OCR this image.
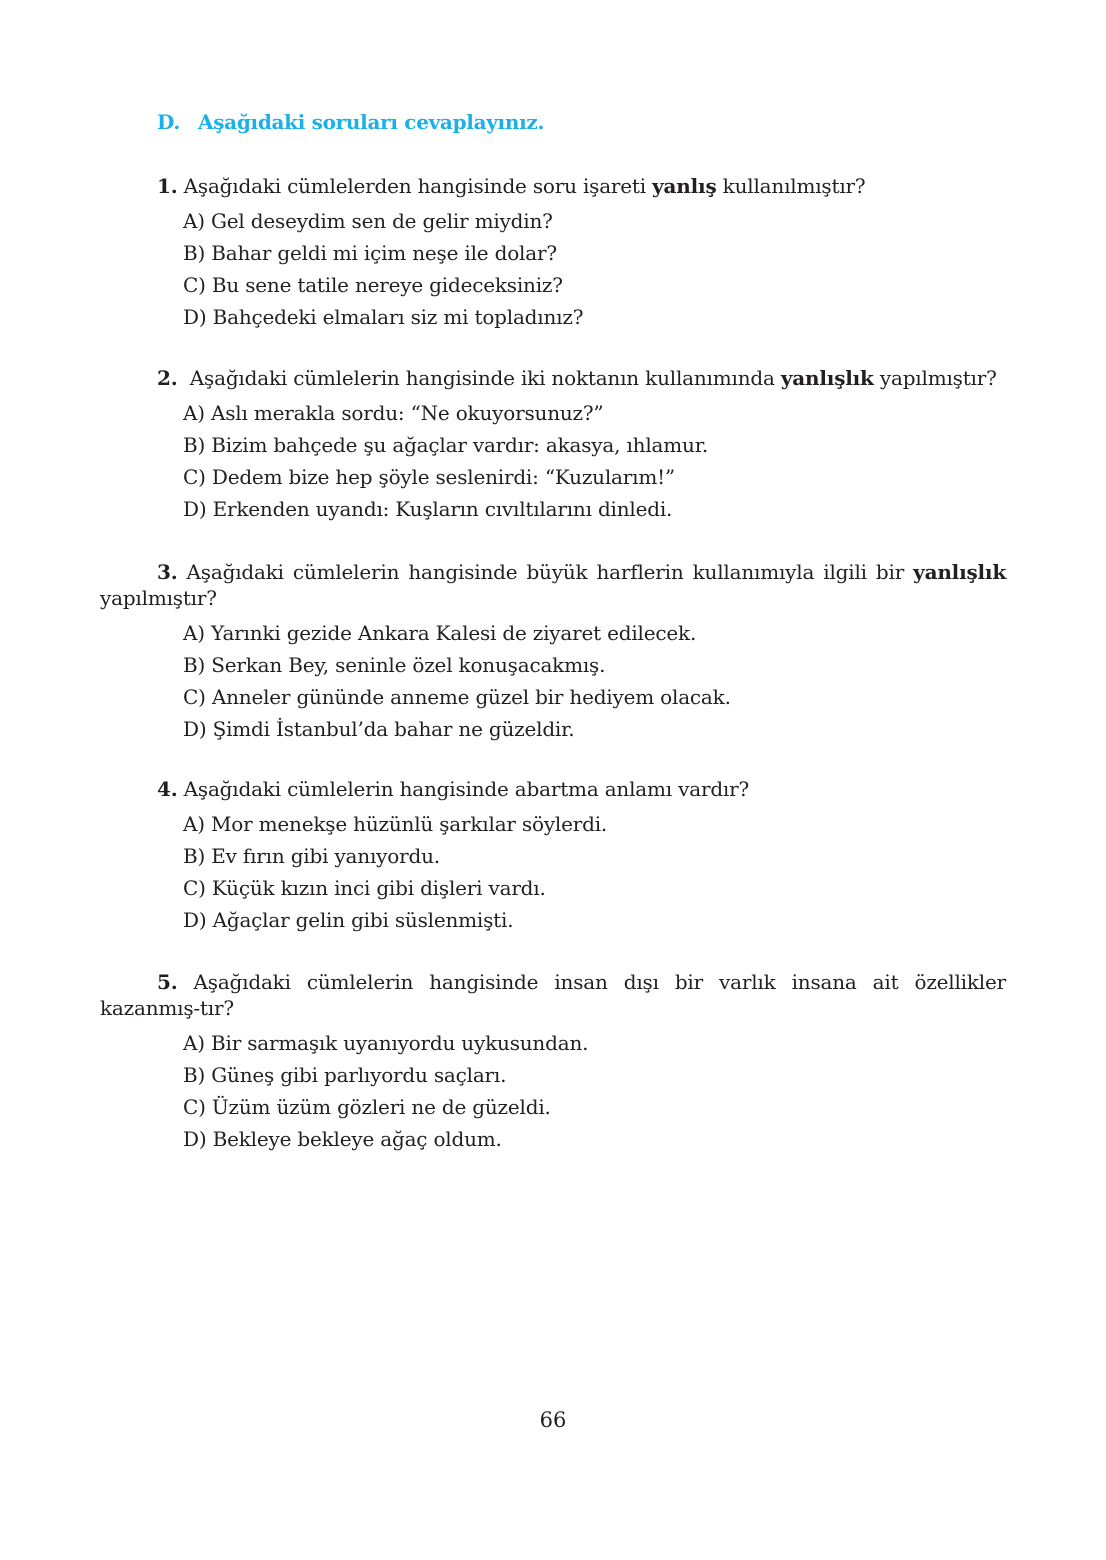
D. Aşağıdaki soruları cevaplayınız.

1. Aşağıdaki cümlelerden hangisinde soru işareti yanlış kullanılmıştır?

A) Gel deseydim sen de gelir miydin?
B) Bahar geldi mi içim neşe ile dolar?
C) Bu sene tatile nereye gideceksiniz?
D) Bahçedeki elmaları siz mi topladınız?

2.  Aşağıdaki cümlelerin hangisinde iki noktanın kullanımında yanlışlık yapılmıştır?

A) Aslı merakla sordu: “Ne okuyorsunuz?”
B) Bizim bahçede şu ağaçlar vardır: akasya, ıhlamur.
C) Dedem bize hep şöyle seslenirdi: “Kuzularım!”
D) Erkenden uyandı: Kuşların cıvıltılarını dinledi.

3. Aşağıdaki cümlelerin hangisinde büyük harflerin kullanımıyla ilgili bir yanlışlık yapılmıştır?

A) Yarınki gezide Ankara Kalesi de ziyaret edilecek.
B) Serkan Bey, seninle özel konuşacakmış.
C) Anneler gününde anneme güzel bir hediyem olacak.
D) Şimdi İstanbul’da bahar ne güzeldir.

4. Aşağıdaki cümlelerin hangisinde abartma anlamı vardır?

A) Mor menekşe hüzünlü şarkılar söylerdi.
B) Ev fırın gibi yanıyordu.
C) Küçük kızın inci gibi dişleri vardı.
D) Ağaçlar gelin gibi süslenmişti.

5. Aşağıdaki cümlelerin hangisinde insan dışı bir varlık insana ait özellikler kazanmış-tır?

A) Bir sarmaşık uyanıyordu uykusundan.
B) Güneş gibi parlıyordu saçları.
C) Üzüm üzüm gözleri ne de güzeldi.
D) Bekleye bekleye ağaç oldum.
66
